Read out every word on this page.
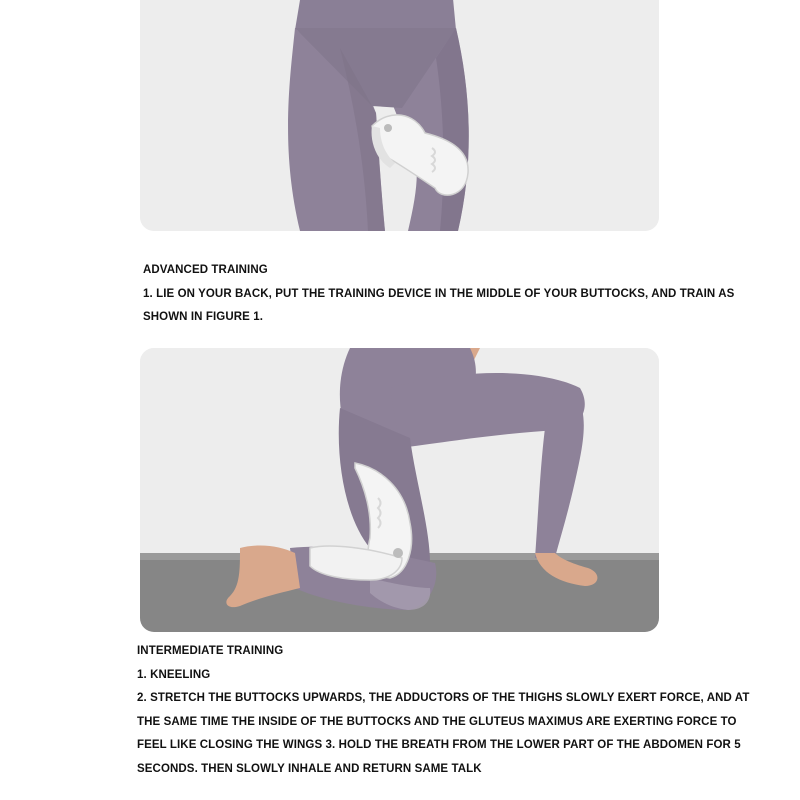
ADVANCED TRAINING
1. LIE ON YOUR BACK, PUT THE TRAINING DEVICE IN THE MIDDLE OF YOUR BUTTOCKS, AND TRAIN AS
SHOWN IN FIGURE 1.
INTERMEDIATE TRAINING
1. KNEELING
2. STRETCH THE BUTTOCKS UPWARDS, THE ADDUCTORS OF THE THIGHS SLOWLY EXERT FORCE, AND AT
THE SAME TIME THE INSIDE OF THE BUTTOCKS AND THE GLUTEUS MAXIMUS ARE EXERTING FORCE TO
FEEL LIKE CLOSING THE WINGS 3. HOLD THE BREATH FROM THE LOWER PART OF THE ABDOMEN FOR 5
SECONDS. THEN SLOWLY INHALE AND RETURN SAME TALK
